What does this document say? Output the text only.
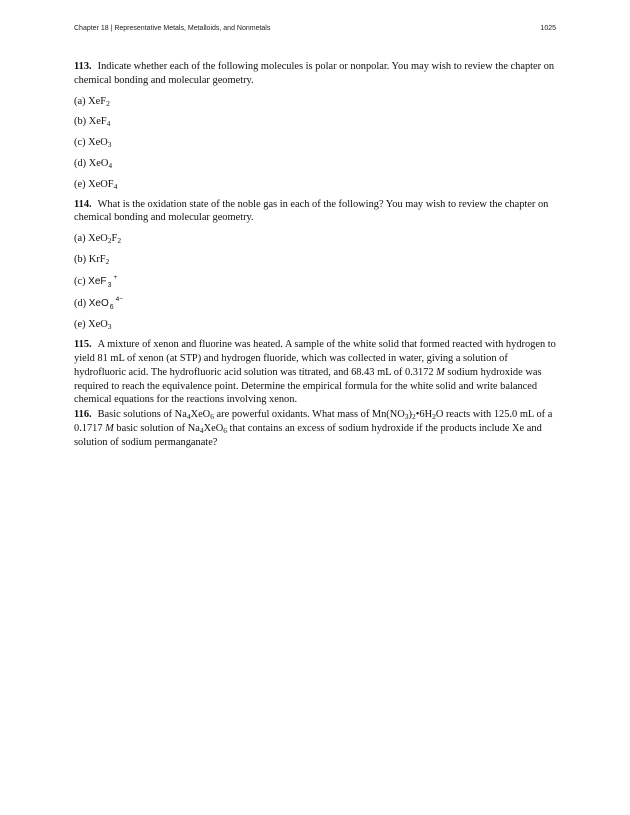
Chapter 18 | Representative Metals, Metalloids, and Nonmetals	1025

113. Indicate whether each of the following molecules is polar or nonpolar. You may wish to review the chapter on chemical bonding and molecular geometry.

(a) XeF$_2$

(b) XeF$_4$

(c) XeO$_3$

(d) XeO$_4$

(e) XeOF$_4$

114. What is the oxidation state of the noble gas in each of the following? You may wish to review the chapter on chemical bonding and molecular geometry.

(a) $XeO_2F_2$

(b) KrF$_2$

(c) XeF$_3$+

(d) XeO$_6^{4-}$

(e) XeO$_3$

115. A mixture of xenon and fluorine was heated. A sample of the white solid that formed reacted with hydrogen to yield 81 mL of xenon (at STP) and hydrogen fluoride, which was collected in water, giving a solution of hydrofluoric acid. The hydrofluoric acid solution was titrated, and 68.43 mL of 0.3172 M sodium hydroxide was required to reach the equivalence point. Determine the empirical formula for the white solid and write balanced chemical equations for the reactions involving xenon.

116. Basic solutions of $Na_4XeO_6$ are powerful oxidants. What mass of $Mn(NO_3)_2•6H_2O$ reacts with 125.0 mL of a 0.1717 M basic solution of $Na_4XeO_6$ that contains an excess of sodium hydroxide if the products include Xe and solution of sodium permanganate?
